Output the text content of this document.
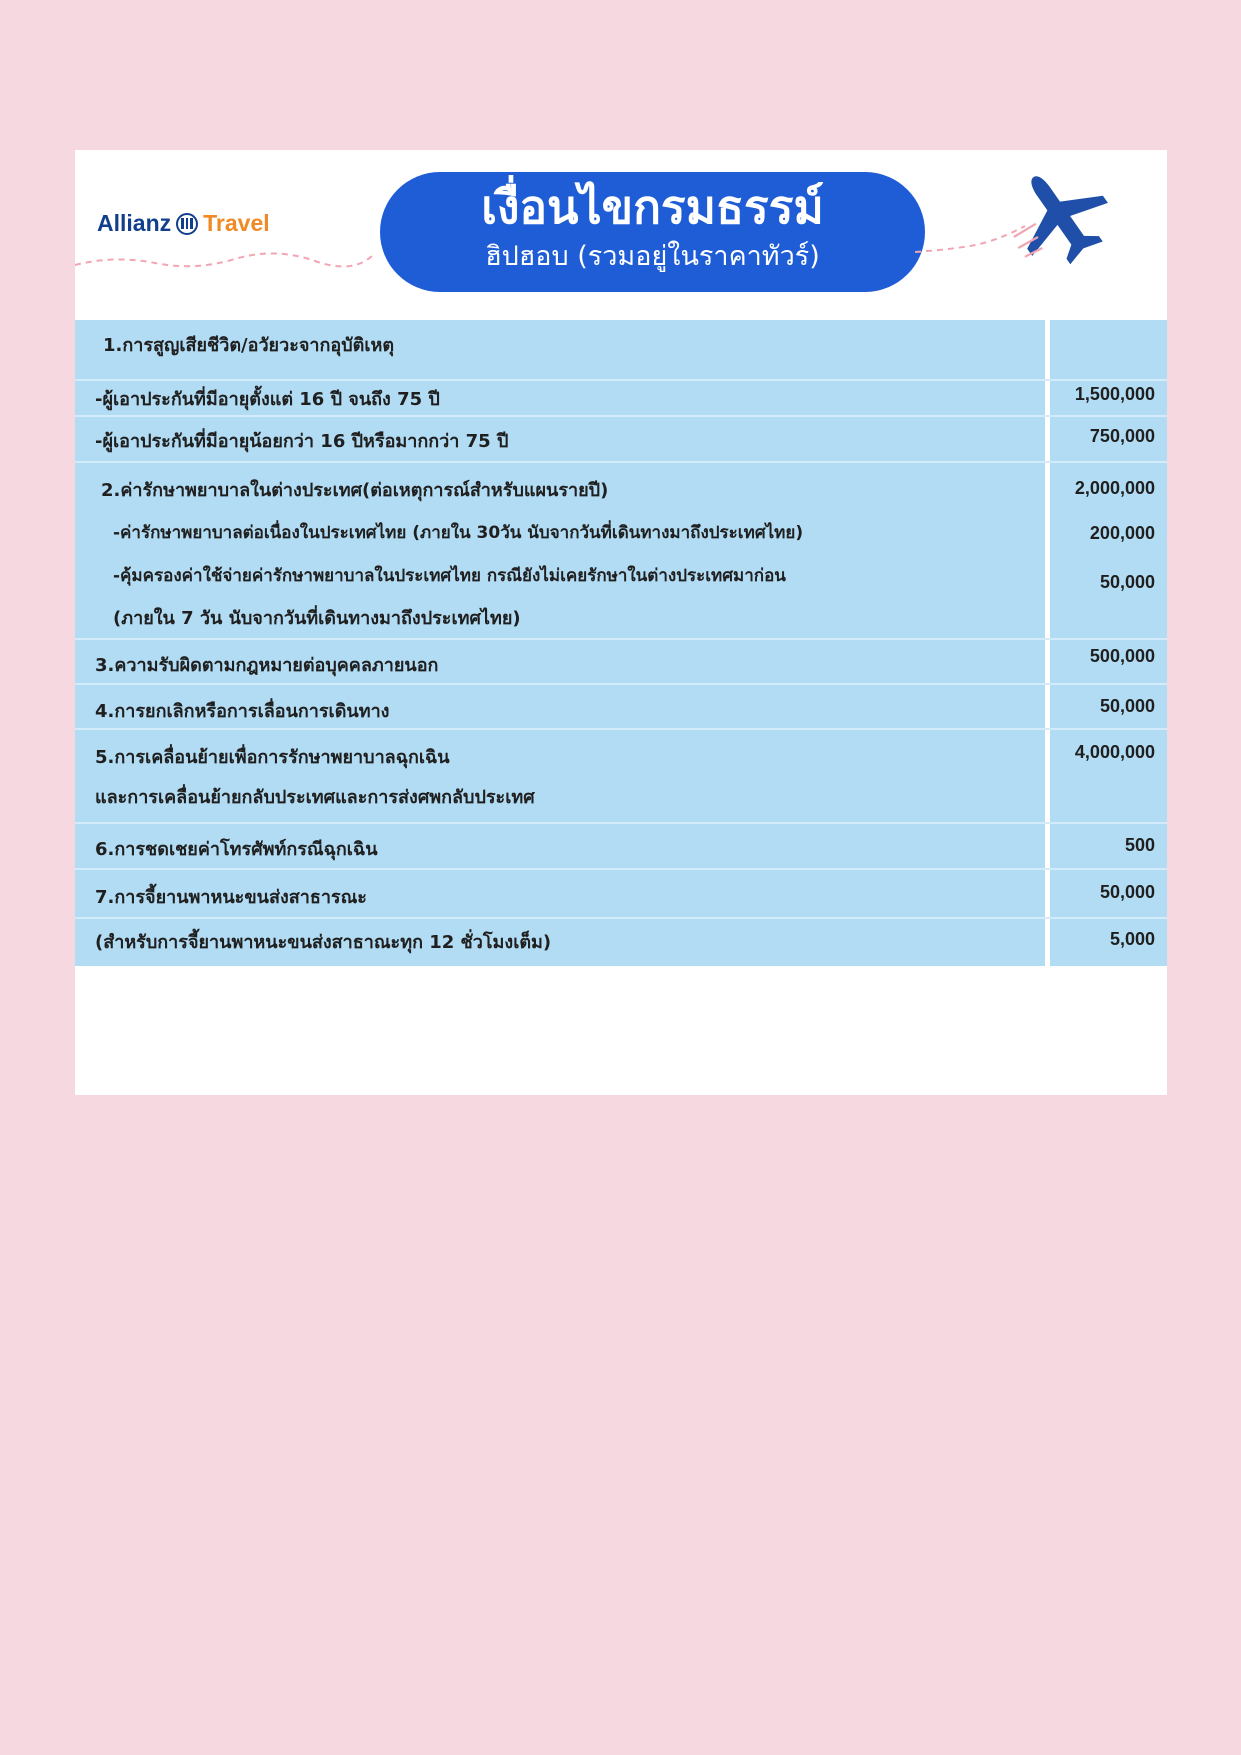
Allianz Travel	เงื่อนไขกรมธรรม์
ฮิปฮอบ (รวมอยู่ในราคาทัวร์)
1.การสูญเสียชีวิต/อวัยวะจากอุบัติเหตุ
-ผู้เอาประกันที่มีอายุตั้งแต่ 16 ปี จนถึง 75 ปี	1,500,000
-ผู้เอาประกันที่มีอายุน้อยกว่า 16 ปีหรือมากกว่า 75 ปี	750,000
2.ค่ารักษาพยาบาลในต่างประเทศ(ต่อเหตุการณ์สำหรับแผนรายปี)	2,000,000
-ค่ารักษาพยาบาลต่อเนื่องในประเทศไทย (ภายใน 30วัน นับจากวันที่เดินทางมาถึงประเทศไทย)	200,000
-คุ้มครองค่าใช้จ่ายค่ารักษาพยาบาลในประเทศไทย กรณียังไม่เคยรักษาในต่างประเทศมาก่อน	50,000
(ภายใน 7 วัน นับจากวันที่เดินทางมาถึงประเทศไทย)
3.ความรับผิดตามกฎหมายต่อบุคคลภายนอก	500,000
4.การยกเลิกหรือการเลื่อนการเดินทาง	50,000
5.การเคลื่อนย้ายเพื่อการรักษาพยาบาลฉุกเฉิน	4,000,000
และการเคลื่อนย้ายกลับประเทศและการส่งศพกลับประเทศ
6.การชดเชยค่าโทรศัพท์กรณีฉุกเฉิน	500
7.การจี้ยานพาหนะขนส่งสาธารณะ	50,000
(สำหรับการจี้ยานพาหนะขนส่งสาธาณะทุก 12 ชั่วโมงเต็ม)	5,000
